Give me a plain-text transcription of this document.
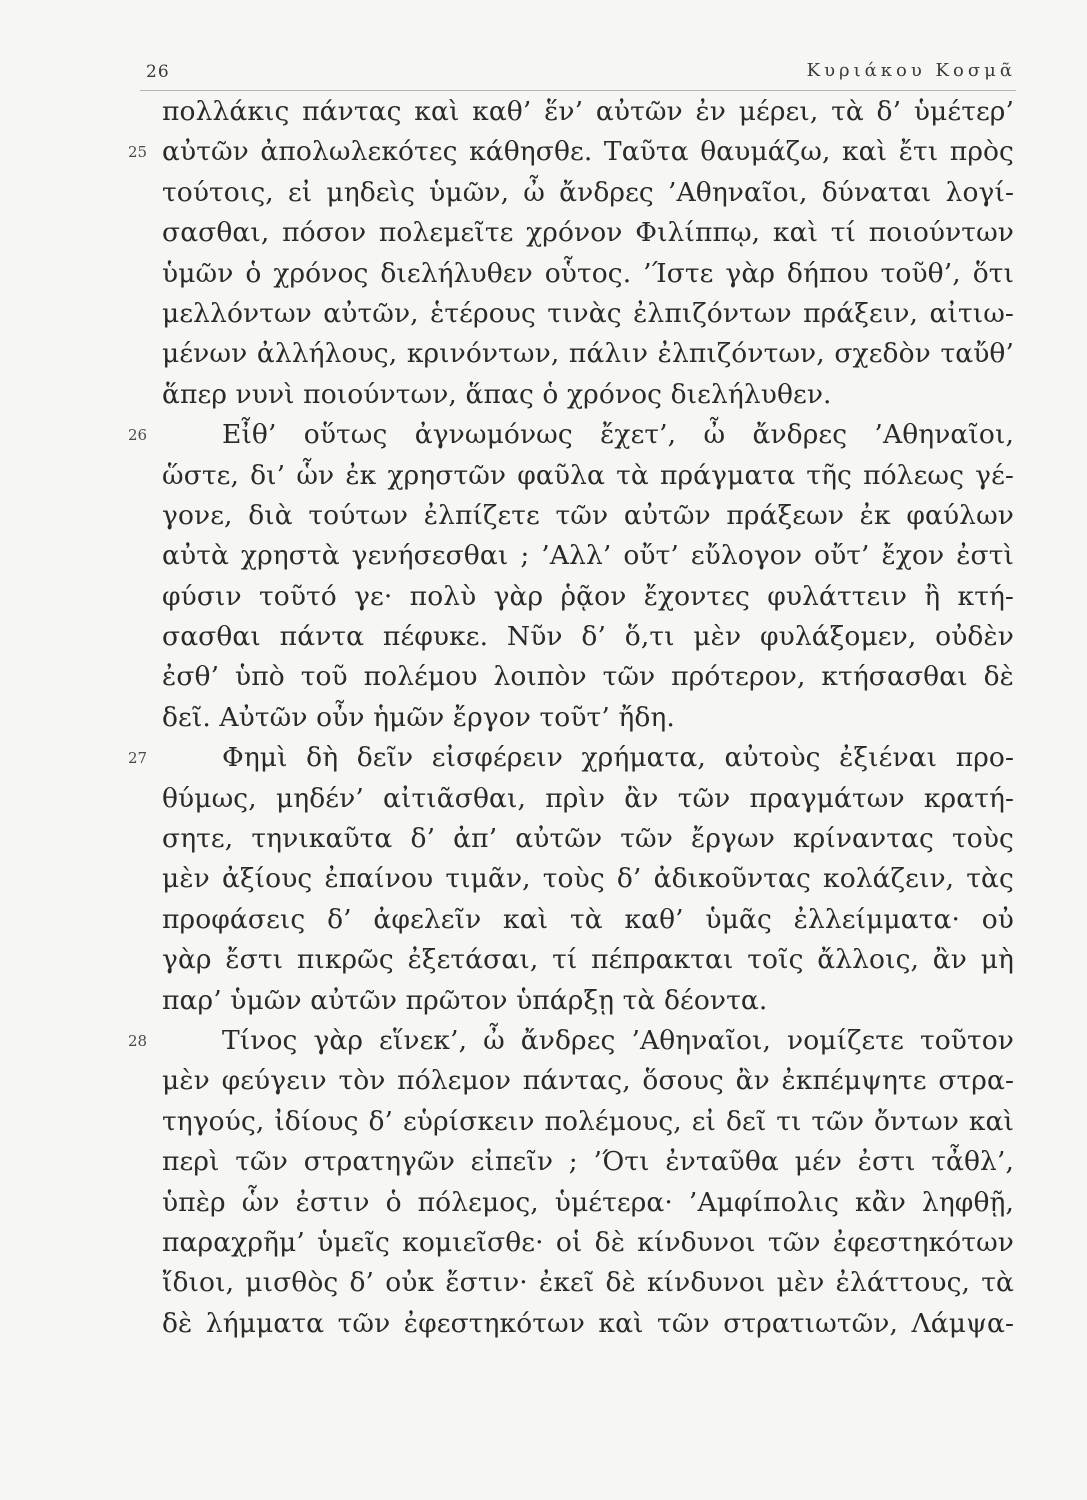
26	Κυριάκου Κοσμᾶ
πολλάκις πάντας καὶ καθ’ ἕν’ αὐτῶν ἐν μέρει, τὰ δ’ ὑμέτερ’
25 αὐτῶν ἀπολωλεκότες κάθησθε. Ταῦτα θαυμάζω, καὶ ἔτι πρὸς
τούτοις, εἰ μηδεὶς ὑμῶν, ὦ ἄνδρες ’Αθηναῖοι, δύναται λογί-
σασθαι, πόσον πολεμεῖτε χρόνον Φιλίππῳ, καὶ τί ποιούντων
ὑμῶν ὁ χρόνος διελήλυθεν οὗτος. ’Ίστε γὰρ δήπου τοῦθ’, ὅτι
μελλόντων αὐτῶν, ἑτέρους τινὰς ἐλπιζόντων πράξειν, αἰτιω-
μένων ἀλλήλους, κρινόντων, πάλιν ἐλπιζόντων, σχεδὸν ταὔθ’
ἅπερ νυνὶ ποιούντων, ἅπας ὁ χρόνος διελήλυθεν.
26	Εἶθ’ οὕτως ἀγνωμόνως ἔχετ’, ὦ ἄνδρες ’Αθηναῖοι,
ὥστε, δι’ ὧν ἐκ χρηστῶν φαῦλα τὰ πράγματα τῆς πόλεως γέ-
γονε, διὰ τούτων ἐλπίζετε τῶν αὐτῶν πράξεων ἐκ φαύλων
αὐτὰ χρηστὰ γενήσεσθαι ; ’Αλλ’ οὔτ’ εὔλογον οὔτ’ ἔχον ἐστὶ
φύσιν τοῦτό γε· πολὺ γὰρ ῥᾷον ἔχοντες φυλάττειν ἢ κτή-
σασθαι πάντα πέφυκε. Νῦν δ’ ὅ,τι μὲν φυλάξομεν, οὐδὲν
ἐσθ’ ὑπὸ τοῦ πολέμου λοιπὸν τῶν πρότερον, κτήσασθαι δὲ
δεῖ. Αὐτῶν οὖν ἡμῶν ἔργον τοῦτ’ ἤδη.
27	Φημὶ δὴ δεῖν εἰσφέρειν χρήματα, αὐτοὺς ἐξιέναι προ-
θύμως, μηδέν’ αἰτιᾶσθαι, πρὶν ἂν τῶν πραγμάτων κρατή-
σητε, τηνικαῦτα δ’ ἀπ’ αὐτῶν τῶν ἔργων κρίναντας τοὺς
μὲν ἀξίους ἐπαίνου τιμᾶν, τοὺς δ’ ἀδικοῦντας κολάζειν, τὰς
προφάσεις δ’ ἀφελεῖν καὶ τὰ καθ’ ὑμᾶς ἐλλείμματα· οὐ
γὰρ ἔστι πικρῶς ἐξετάσαι, τί πέπρακται τοῖς ἄλλοις, ἂν μὴ
παρ’ ὑμῶν αὐτῶν πρῶτον ὑπάρξῃ τὰ δέοντα.
28	Τίνος γὰρ εἵνεκ’, ὦ ἄνδρες ’Αθηναῖοι, νομίζετε τοῦτον
μὲν φεύγειν τὸν πόλεμον πάντας, ὅσους ἂν ἐκπέμψητε στρα-
τηγούς, ἰδίους δ’ εὑρίσκειν πολέμους, εἰ δεῖ τι τῶν ὄντων καὶ
περὶ τῶν στρατηγῶν εἰπεῖν ; ’Ότι ἐνταῦθα μέν ἐστι τἆθλ’,
ὑπὲρ ὧν ἐστιν ὁ πόλεμος, ὑμέτερα· ’Αμφίπολις κἂν ληφθῇ,
παραχρῆμ’ ὑμεῖς κομιεῖσθε· οἱ δὲ κίνδυνοι τῶν ἐφεστηκότων
ἴδιοι, μισθὸς δ’ οὐκ ἔστιν· ἐκεῖ δὲ κίνδυνοι μὲν ἐλάττους, τὰ
δὲ λήμματα τῶν ἐφεστηκότων καὶ τῶν στρατιωτῶν, Λάμψα-
